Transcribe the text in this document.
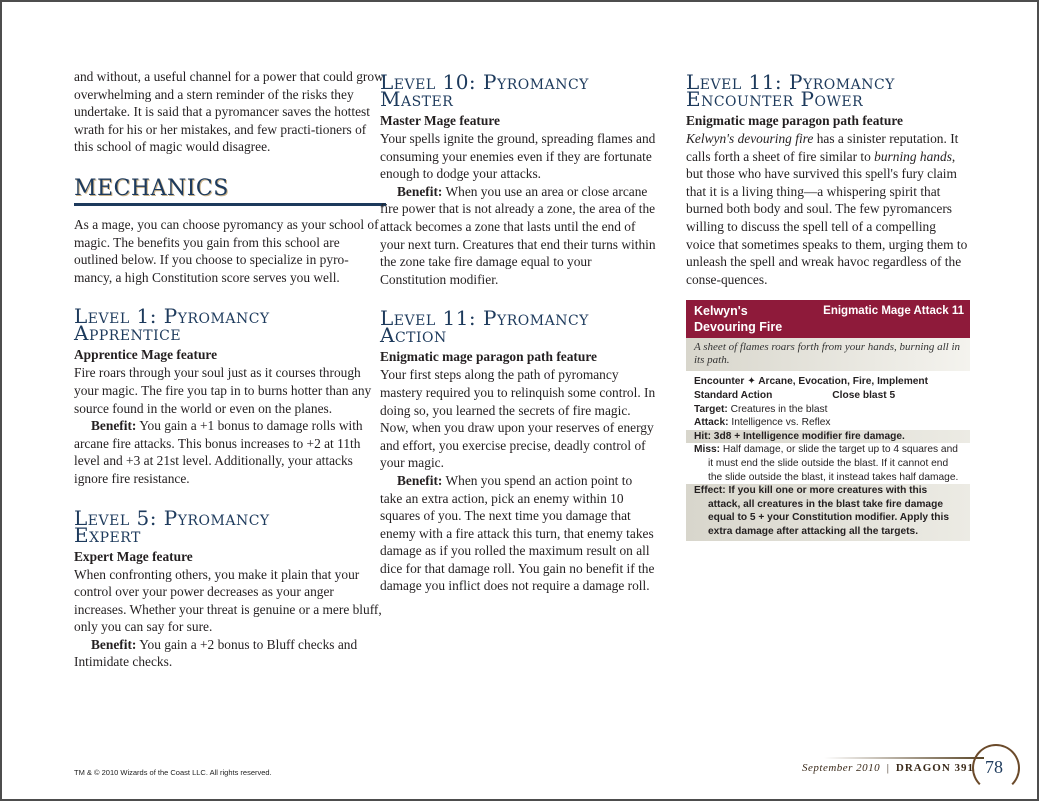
and without, a useful channel for a power that could grow overwhelming and a stern reminder of the risks they undertake. It is said that a pyromancer saves the hottest wrath for his or her mistakes, and few practi-tioners of this school of magic would disagree.

MECHANICS

As a mage, you can choose pyromancy as your school of magic. The benefits you gain from this school are outlined below. If you choose to specialize in pyro-mancy, a high Constitution score serves you well.

Level 1: Pyromancy
Apprentice
Apprentice Mage feature

Fire roars through your soul just as it courses through your magic. The fire you tap in to burns hotter than any source found in the world or even on the planes.

Benefit: You gain a +1 bonus to damage rolls with arcane fire attacks. This bonus increases to +2 at 11th level and +3 at 21st level. Additionally, your attacks ignore fire resistance.

Level 5: Pyromancy
Expert
Expert Mage feature

When confronting others, you make it plain that your control over your power decreases as your anger increases. Whether your threat is genuine or a mere bluff, only you can say for sure.

Benefit: You gain a +2 bonus to Bluff checks and Intimidate checks.

Level 10: Pyromancy
Master
Master Mage feature

Your spells ignite the ground, spreading flames and consuming your enemies even if they are fortunate enough to dodge your attacks.

Benefit: When you use an area or close arcane fire power that is not already a zone, the area of the attack becomes a zone that lasts until the end of your next turn. Creatures that end their turns within the zone take fire damage equal to your Constitution modifier.

Level 11: Pyromancy
Action
Enigmatic mage paragon path feature

Your first steps along the path of pyromancy mastery required you to relinquish some control. In doing so, you learned the secrets of fire magic. Now, when you draw upon your reserves of energy and effort, you exercise precise, deadly control of your magic.

Benefit: When you spend an action point to take an extra action, pick an enemy within 10 squares of you. The next time you damage that enemy with a fire attack this turn, that enemy takes damage as if you rolled the maximum result on all dice for that damage roll. You gain no benefit if the damage you inflict does not require a damage roll.

Level 11: Pyromancy
Encounter Power
Enigmatic mage paragon path feature

Kelwyn's devouring fire has a sinister reputation. It calls forth a sheet of fire similar to burning hands, but those who have survived this spell's fury claim that it is a living thing—a whispering spirit that burned both body and soul. The few pyromancers willing to discuss the spell tell of a compelling voice that sometimes speaks to them, urging them to unleash the spell and wreak havoc regardless of the conse-quences.

Kelwyn's
Devouring Fire
Enigmatic Mage Attack 11
A sheet of flames roars forth from your hands, burning all in its path.
Encounter ✦ Arcane, Evocation, Fire, Implement
Standard Action	Close blast 5
Target: Creatures in the blast
Attack: Intelligence vs. Reflex
Hit: 3d8 + Intelligence modifier fire damage.
Miss: Half damage, or slide the target up to 4 squares and it must end the slide outside the blast. If it cannot end the slide outside the blast, it instead takes half damage.
Effect: If you kill one or more creatures with this attack, all creatures in the blast take fire damage equal to 5 + your Constitution modifier. Apply this extra damage after attacking all the targets.
TM & © 2010 Wizards of the Coast LLC. All rights reserved.	September 2010 | DRAGON 391 78
